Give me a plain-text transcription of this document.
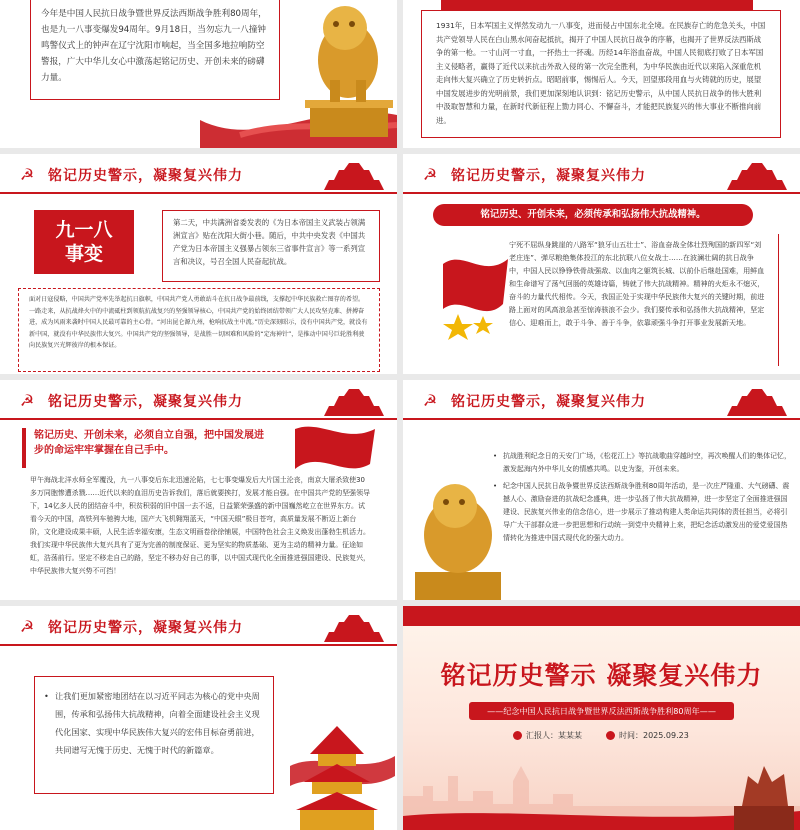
今年是中国人民抗日战争暨世界反法西斯战争胜利80周年，也是九一八事变爆发94周年。9月18日，当勿忘九一八撞钟鸣警仪式上的钟声在辽宁沈阳市响起，当全国多地拉响防空警报，广大中华儿女心中激荡起铭记历史、开创未来的磅礴力量。
1931年，日本军国主义悍然发动九一八事变，进而侵占中国东北全境。在民族存亡的危急关头，中国共产党领导人民在白山黑水间奋起抵抗，揭开了中国人民抗日战争的序幕，也揭开了世界反法西斯战争的第一枪。一寸山河一寸血，一抔热土一抔魂。历经14年浴血奋战，中国人民彻底打败了日本军国主义侵略者，赢得了近代以来抗击外敌入侵的第一次完全胜利，为中华民族由近代以来陷入深重危机走向伟大复兴确立了历史转折点。昭昭前事，惕惕后人。今天，回望那段用血与火铸就的历史，展望中国发展进步的光明前景，我们更加深刻地认识到：铭记历史警示，从中国人民抗日战争的伟大胜利中汲取智慧和力量，在新时代新征程上勠力同心、不懈奋斗，才能把民族复兴的伟大事业不断推向前进。
☭ 铭记历史警示，凝聚复兴伟力
九一八事变
第二天，中共满洲省委发表的《为日本帝国主义武装占领满洲宣言》贴在沈阳大街小巷。随后，中共中央发表《中国共产党为日本帝国主义强暴占领东三省事件宣言》等一系列宣言和决议，号召全国人民奋起抗战。
面对日寇侵略，中国共产党率先举起抗日旗帜，中国共产党人勇敢站斗在抗日战争最前线，支撑起中华民族救亡图存的希望。一路走来，从抗战烽火中的中流砥柱到领航抗战复兴的坚强领导核心，中国共产党的始终团结带领广大人民攻坚克难、拼搏奋进，成为风雨来袭时中国人民最可靠的主心骨。“河出昆仑源九州，枪响抗战主中流。”历史深刻昭示，没有中国共产党，就没有新中国，就没有中华民族伟大复兴。中国共产党的坚强领导，是战胜一切困难和风险的“定海神针”，是推动中国号巨轮胜利驶向民族复兴光辉彼岸的根本保证。
☭ 铭记历史警示，凝聚复兴伟力
铭记历史、开创未来，必须传承和弘扬伟大抗战精神。
宁死不屈纵身跳崖的八路军“狼牙山五壮士”、浴血奋战全体壮烈殉国的新四军“刘老庄连”、弹尽粮绝集体投江的东北抗联八位女战士……在波澜壮阔的抗日战争中，中国人民以铮铮铁骨战强敌、以血肉之躯筑长城、以前仆后继赴国难，用鲜血和生命谱写了荡气回肠的英雄诗篇，铸就了伟大抗战精神。精神的火炬永不熄灭，奋斗的力量代代相传。今天，我国正处于实现中华民族伟大复兴的关键时期，前进路上面对的风高浪急甚至惊涛骇浪不会少。我们要传承和弘扬伟大抗战精神，坚定信心、迎难而上，敢于斗争、善于斗争，依靠顽强斗争打开事业发展新天地。
☭ 铭记历史警示，凝聚复兴伟力
铭记历史、开创未来，必须自立自强，把中国发展进步的命运牢牢掌握在自己手中。
甲午海战北洋水师全军覆没，九一八事变后东北迅速沦陷，七七事变爆发后大片国土沦丧，南京大屠杀致使30多万同胞惨遭杀戮……近代以来的血泪历史告诉我们，落后就要挨打，发展才能自强。在中国共产党的坚强领导下，14亿多人民的团结奋斗中，积贫积弱的旧中国一去不返，日益繁荣强盛的新中国巍然屹立在世界东方。试看今天的中国，高铁列车驰骋大地，国产大飞机翱翔蓝天，“中国天眼”极目苍穹，高质量发展不断迈上新台阶，文化建设成果丰硕，人民生活幸福安康，生态文明画卷徐徐铺展，中国特色社会主义焕发出蓬勃生机活力。我们实现中华民族伟大复兴具有了更为完善的制度保证、更为坚实的物质基础、更为主动的精神力量。征途如虹，浩荡前行。坚定不移走自己的路，坚定不移办好自己的事，以中国式现代化全面推进强国建设、民族复兴，中华民族伟大复兴势不可挡！
☭ 铭记历史警示，凝聚复兴伟力
• 抗战胜利纪念日的天安门广场，《松花江上》等抗战歌曲穿越时空，再次唤醒人们的集体记忆，激发起海内外中华儿女的情感共鸣。以史为鉴，开创未来。
• 纪念中国人民抗日战争暨世界反法西斯战争胜利80周年活动，是一次庄严隆重、大气磅礴、震撼人心、激励奋进的抗战纪念盛典，进一步弘扬了伟大抗战精神，进一步坚定了全面推进强国建设、民族复兴伟业的信念信心，进一步展示了推动构建人类命运共同体的责任担当，必将引导广大干部群众进一步把思想和行动统一到党中央精神上来，把纪念活动激发出的爱党爱国热情转化为推进中国式现代化的强大动力。
☭ 铭记历史警示，凝聚复兴伟力
• 让我们更加紧密地团结在以习近平同志为核心的党中央周围，传承和弘扬伟大抗战精神，向着全面建设社会主义现代化国家、实现中华民族伟大复兴的宏伟目标奋勇前进，共同谱写无愧于历史、无愧于时代的新篇章。
铭记历史警示 凝聚复兴伟力
——纪念中国人民抗日战争暨世界反法西斯战争胜利80周年——
汇报人：某某某	时间：2025.09.23
